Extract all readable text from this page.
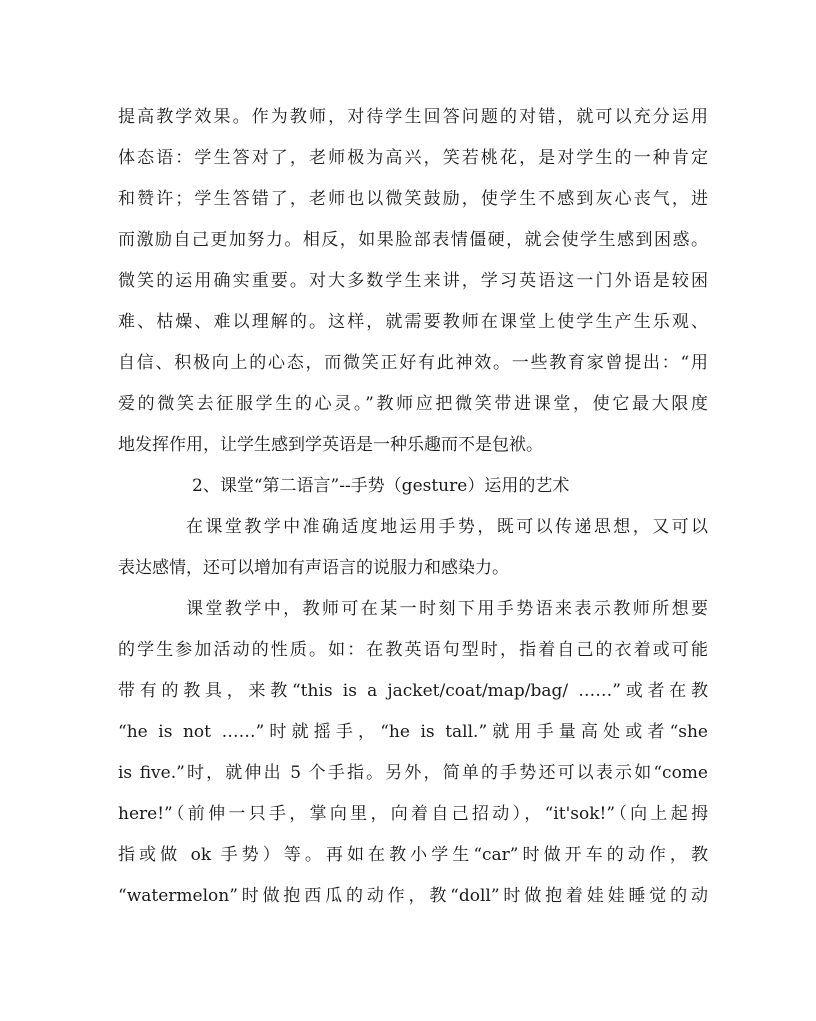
提高教学效果。作为教师，对待学生回答问题的对错，就可以充分运用
体态语：学生答对了，老师极为高兴，笑若桃花，是对学生的一种肯定
和赞许；学生答错了，老师也以微笑鼓励，使学生不感到灰心丧气，进
而激励自己更加努力。相反，如果脸部表情僵硬，就会使学生感到困惑。
微笑的运用确实重要。对大多数学生来讲，学习英语这一门外语是较困
难、枯燥、难以理解的。这样，就需要教师在课堂上使学生产生乐观、
自信、积极向上的心态，而微笑正好有此神效。一些教育家曾提出：“用
爱的微笑去征服学生的心灵。”教师应把微笑带进课堂，使它最大限度
地发挥作用，让学生感到学英语是一种乐趣而不是包袱。
2、课堂“第二语言”--手势（gesture）运用的艺术
在课堂教学中准确适度地运用手势，既可以传递思想，又可以
表达感情，还可以增加有声语言的说服力和感染力。
课堂教学中，教师可在某一时刻下用手势语来表示教师所想要
的学生参加活动的性质。如：在教英语句型时，指着自己的衣着或可能
带有的教具，来教“this is a jacket/coat/map/bag/ ……”或者在教
“he is not ……”时就摇手，“he is tall.”就用手量高处或者“she
is five.”时，就伸出 5 个手指。另外，简单的手势还可以表示如“come
here!”（前伸一只手，掌向里，向着自己招动），“it'sok!”（向上起拇
指或做 ok 手势）等。再如在教小学生“car”时做开车的动作，教
“watermelon”时做抱西瓜的动作，教“doll”时做抱着娃娃睡觉的动
